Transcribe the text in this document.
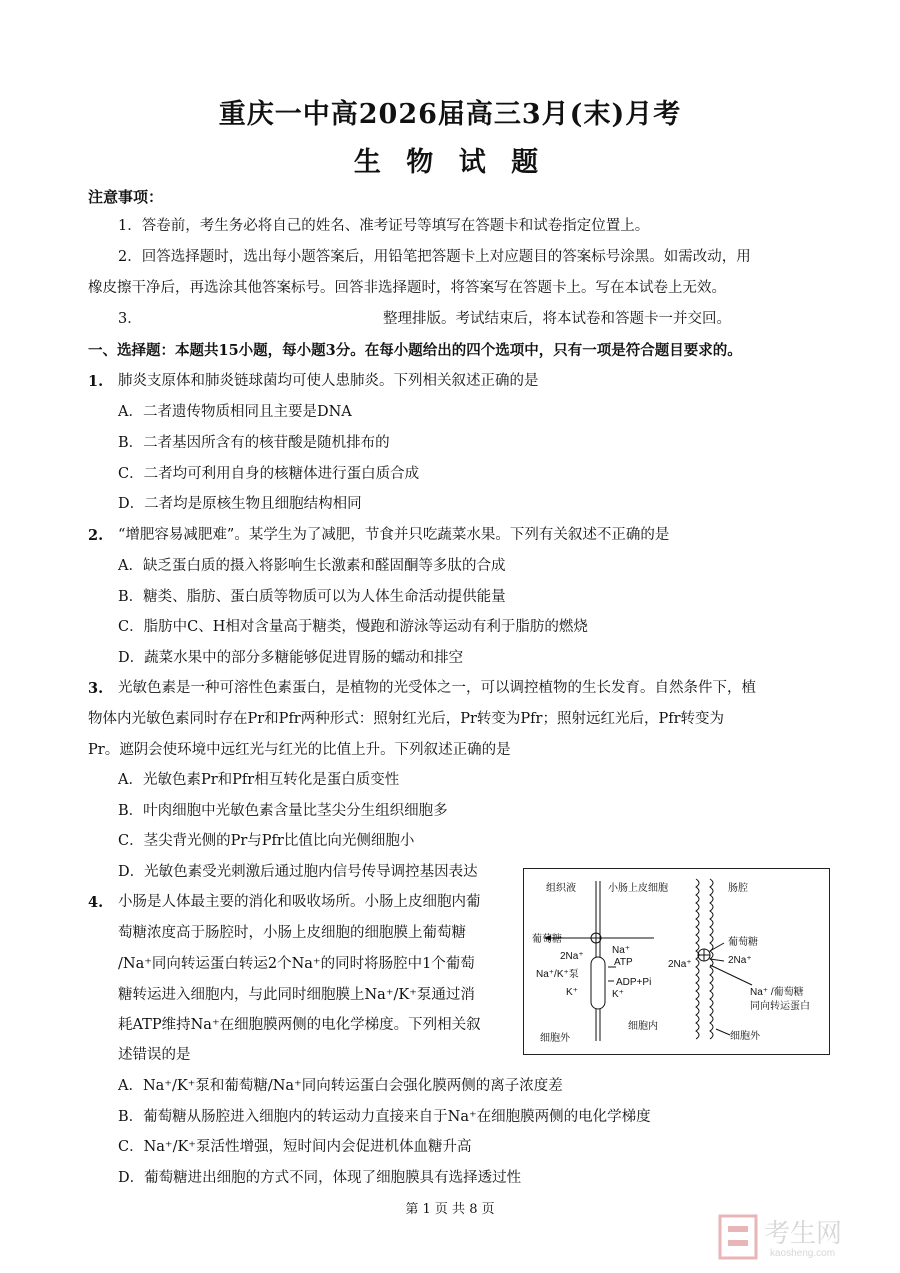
重庆一中高2026届高三3月(末)月考
生 物 试 题
注意事项：
1．答卷前，考生务必将自己的姓名、准考证号等填写在答题卡和试卷指定位置上。
2．回答选择题时，选出每小题答案后，用铅笔把答题卡上对应题目的答案标号涂黑。如需改动，用
橡皮擦干净后，再选涂其他答案标号。回答非选择题时，将答案写在答题卡上。写在本试卷上无效。
3．	整理排版。考试结束后，将本试卷和答题卡一并交回。
一、选择题：本题共15小题，每小题3分。在每小题给出的四个选项中，只有一项是符合题目要求的。
1. 肺炎支原体和肺炎链球菌均可使人患肺炎。下列相关叙述正确的是
A．二者遗传物质相同且主要是DNA
B．二者基因所含有的核苷酸是随机排布的
C．二者均可利用自身的核糖体进行蛋白质合成
D．二者均是原核生物且细胞结构相同
2. “增肥容易减肥难”。某学生为了减肥，节食并只吃蔬菜水果。下列有关叙述不正确的是
A．缺乏蛋白质的摄入将影响生长激素和醛固酮等多肽的合成
B．糖类、脂肪、蛋白质等物质可以为人体生命活动提供能量
C．脂肪中C、H相对含量高于糖类，慢跑和游泳等运动有利于脂肪的燃烧
D．蔬菜水果中的部分多糖能够促进胃肠的蠕动和排空
3. 光敏色素是一种可溶性色素蛋白，是植物的光受体之一，可以调控植物的生长发育。自然条件下，植
物体内光敏色素同时存在Pr和Pfr两种形式：照射红光后，Pr转变为Pfr；照射远红光后，Pfr转变为
Pr。遮阴会使环境中远红光与红光的比值上升。下列叙述正确的是
A．光敏色素Pr和Pfr相互转化是蛋白质变性
B．叶肉细胞中光敏色素含量比茎尖分生组织细胞多
C．茎尖背光侧的Pr与Pfr比值比向光侧细胞小
D．光敏色素受光刺激后通过胞内信号传导调控基因表达
4. 小肠是人体最主要的消化和吸收场所。小肠上皮细胞内葡
萄糖浓度高于肠腔时，小肠上皮细胞的细胞膜上葡萄糖
/Na⁺同向转运蛋白转运2个Na⁺的同时将肠腔中1个葡萄
糖转运进入细胞内，与此同时细胞膜上Na⁺/K⁺泵通过消
耗ATP维持Na⁺在细胞膜两侧的电化学梯度。下列相关叙
述错误的是
A．Na⁺/K⁺泵和葡萄糖/Na⁺同向转运蛋白会强化膜两侧的离子浓度差
B．葡萄糖从肠腔进入细胞内的转运动力直接来自于Na⁺在细胞膜两侧的电化学梯度
C．Na⁺/K⁺泵活性增强，短时间内会促进机体血糖升高
D．葡萄糖进出细胞的方式不同，体现了细胞膜具有选择透过性
组织液	小肠上皮细胞	肠腔
葡萄糖
Na⁺
2Na⁺
ATP
Na⁺/K⁺泵
ADP+Pi
K⁺	K⁺
2Na⁺
葡萄糖
2Na⁺
Na⁺ /葡萄糖
同向转运蛋白
细胞外
细胞内
细胞外
第 1 页 共 8 页
考生网
kaosheng.com
